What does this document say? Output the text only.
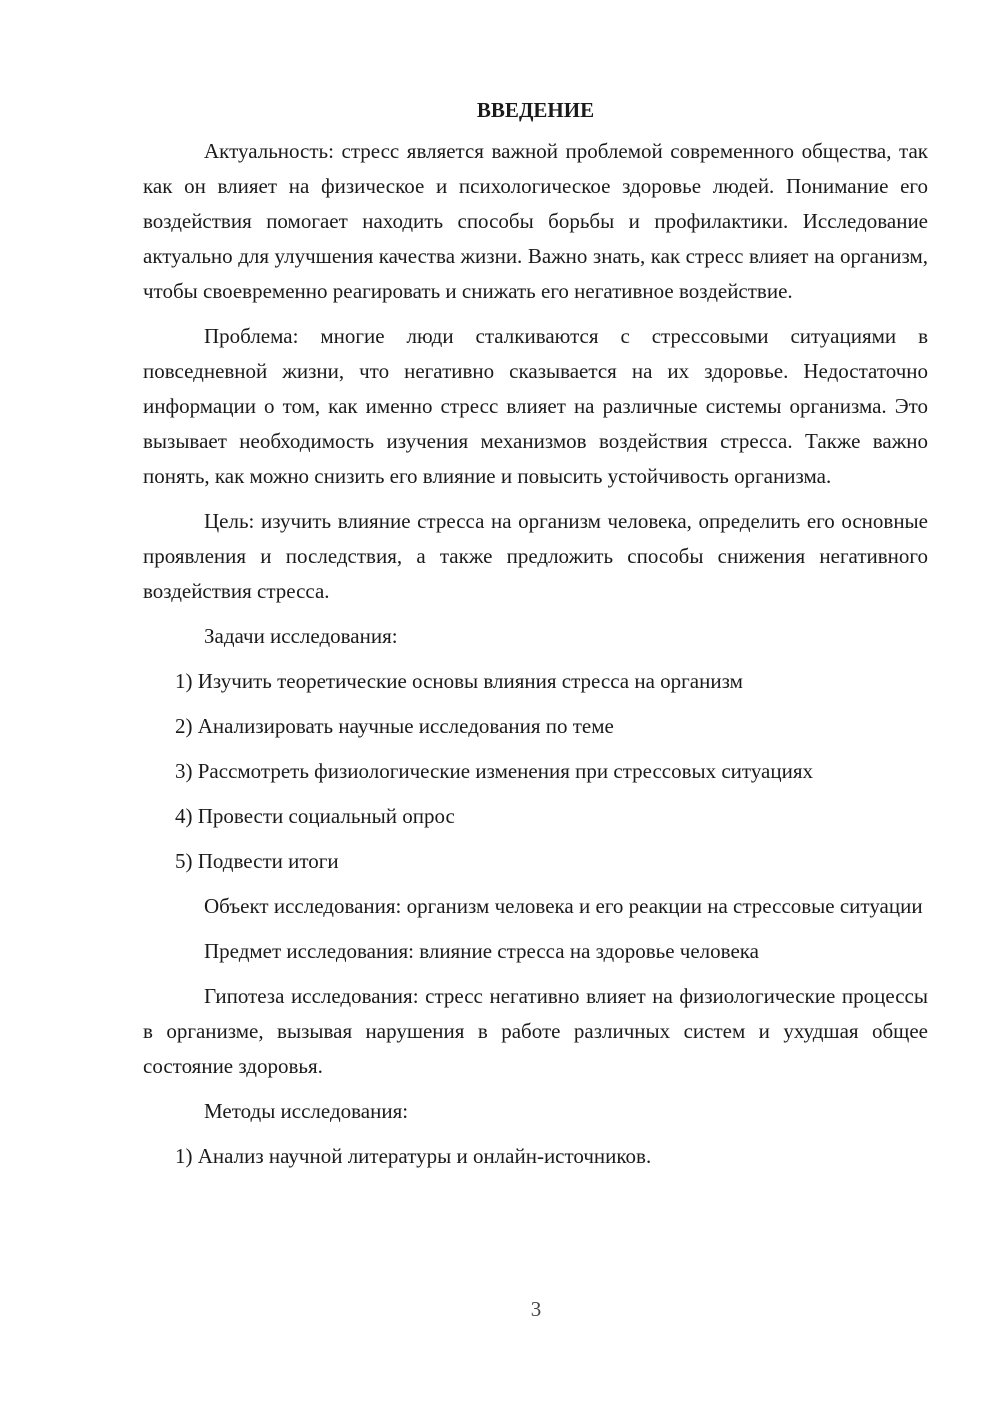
ВВЕДЕНИЕ

Актуальность: стресс является важной проблемой современного общества, так как он влияет на физическое и психологическое здоровье людей. Понимание его воздействия помогает находить способы борьбы и профилактики. Исследование актуально для улучшения качества жизни. Важно знать, как стресс влияет на организм, чтобы своевременно реагировать и снижать его негативное воздействие.

Проблема: многие люди сталкиваются с стрессовыми ситуациями в повседневной жизни, что негативно сказывается на их здоровье. Недостаточно информации о том, как именно стресс влияет на различные системы организма. Это вызывает необходимость изучения механизмов воздействия стресса. Также важно понять, как можно снизить его влияние и повысить устойчивость организма.

Цель: изучить влияние стресса на организм человека, определить его основные проявления и последствия, а также предложить способы снижения негативного воздействия стресса.

Задачи исследования:
1) Изучить теоретические основы влияния стресса на организм
2) Анализировать научные исследования по теме
3) Рассмотреть физиологические изменения при стрессовых ситуациях
4) Провести социальный опрос
5) Подвести итоги

Объект исследования: организм человека и его реакции на стрессовые ситуации

Предмет исследования: влияние стресса на здоровье человека

Гипотеза исследования: стресс негативно влияет на физиологические процессы в организме, вызывая нарушения в работе различных систем и ухудшая общее состояние здоровья.

Методы исследования:
1) Анализ научной литературы и онлайн-источников.
3
